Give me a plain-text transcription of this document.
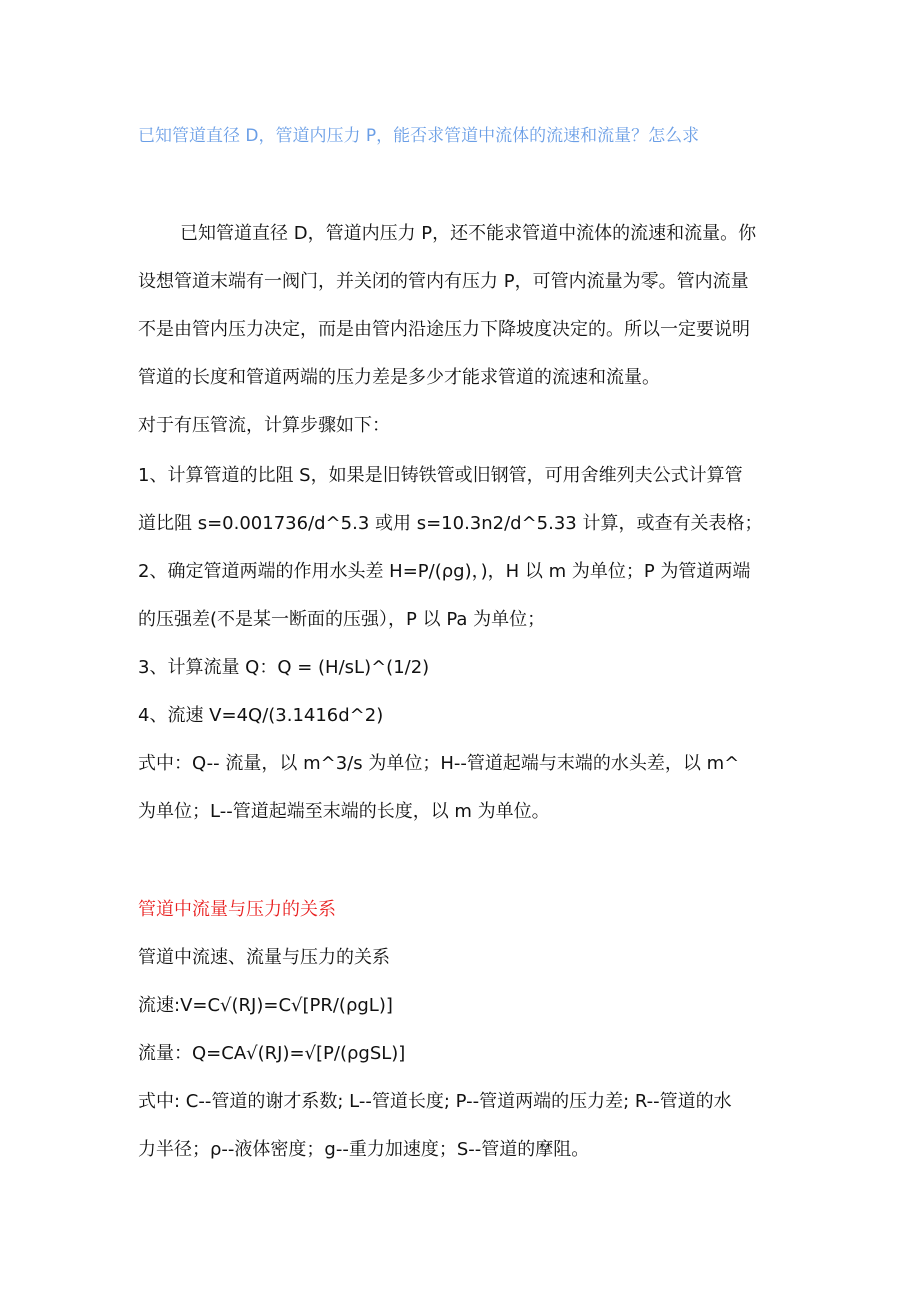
已知管道直径 D，管道内压力 P，能否求管道中流体的流速和流量？怎么求

已知管道直径 D，管道内压力 P，还不能求管道中流体的流速和流量。你

设想管道末端有一阀门，并关闭的管内有压力 P，可管内流量为零。管内流量

不是由管内压力决定，而是由管内沿途压力下降坡度决定的。所以一定要说明

管道的长度和管道两端的压力差是多少才能求管道的流速和流量。

对于有压管流，计算步骤如下：

1、计算管道的比阻 S，如果是旧铸铁管或旧钢管，可用舍维列夫公式计算管

道比阻 s=0.001736/d^5.3 或用 s=10.3n2/d^5.33 计算，或查有关表格；

2、确定管道两端的作用水头差 H=P/(ρg)，)，H 以 m 为单位；P 为管道两端

的压强差(不是某一断面的压强），P 以 Pa 为单位；

3、计算流量 Q：Q = (H/sL)^(1/2)

4、流速 V=4Q/(3.1416d^2)

式中：Q-- 流量，以 m^3/s 为单位；H--管道起端与末端的水头差，以 m^

为单位；L--管道起端至末端的长度，以 m 为单位。

管道中流量与压力的关系

管道中流速、流量与压力的关系

流速:V=C√(RJ)=C√[PR/(ρgL)]

流量：Q=CA√(RJ)=√[P/(ρgSL)]

式中: C--管道的谢才系数; L--管道长度; P--管道两端的压力差; R--管道的水

力半径；ρ--液体密度；g--重力加速度；S--管道的摩阻。
